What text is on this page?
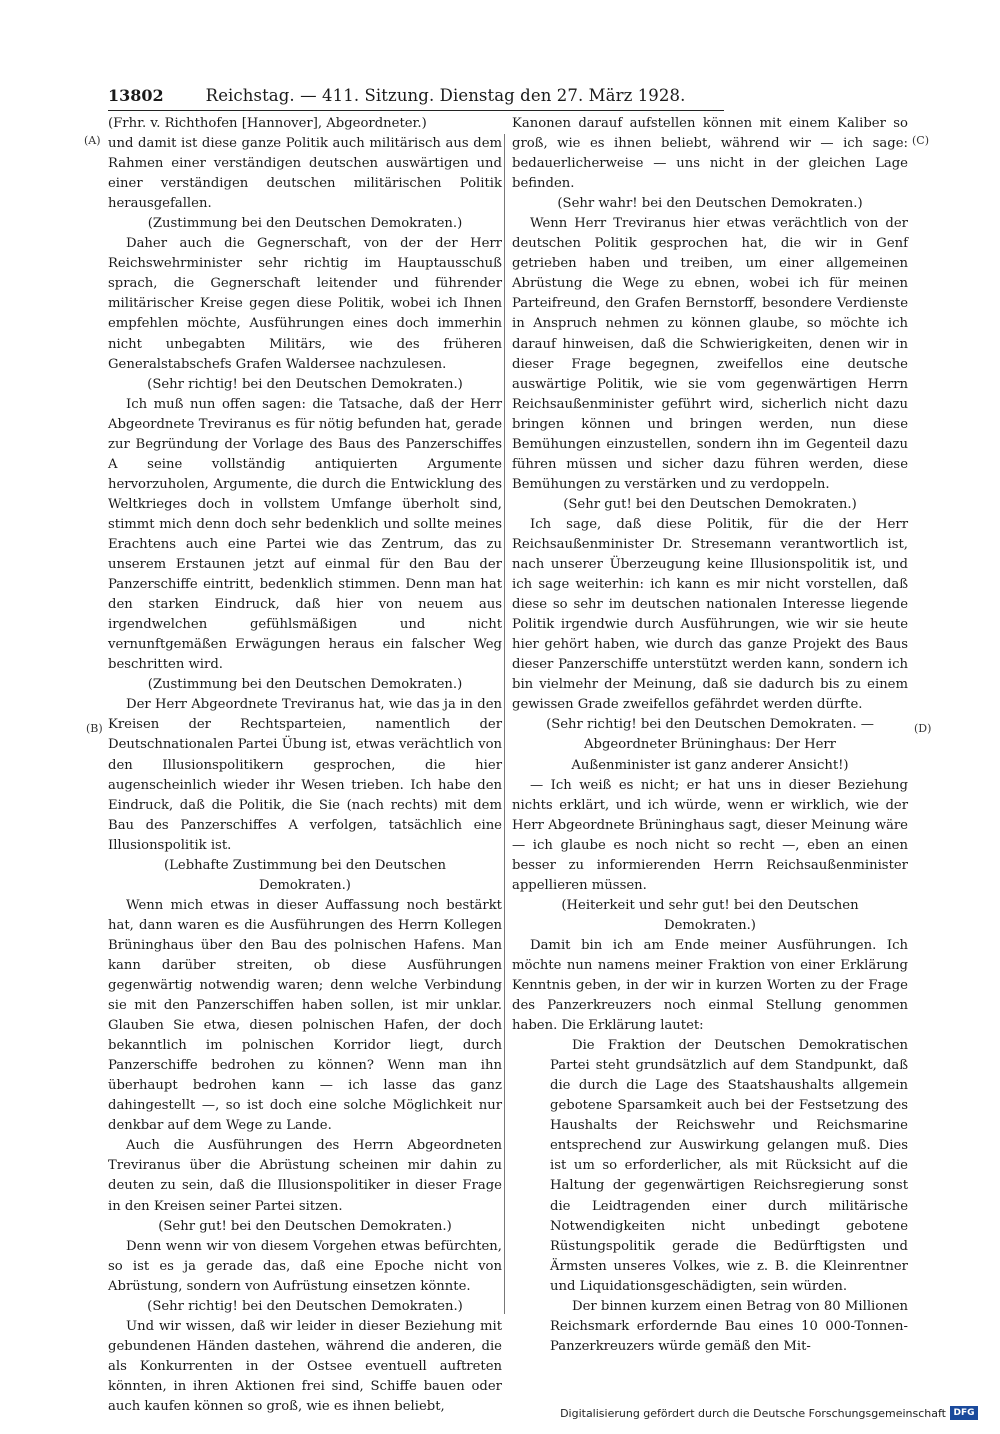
13802	Reichstag. — 411. Sitzung. Dienstag den 27. März 1928.
(A)
(B)
(C)
(D)

(Frhr. v. Richthofen [Hannover], Abgeordneter.)

und damit ist diese ganze Politik auch militärisch aus dem Rahmen einer verständigen deutschen auswärtigen und einer verständigen deutschen militärischen Politik herausgefallen.

(Zustimmung bei den Deutschen Demokraten.)

Daher auch die Gegnerschaft, von der der Herr Reichswehrminister sehr richtig im Hauptausschuß sprach, die Gegnerschaft leitender und führender militärischer Kreise gegen diese Politik, wobei ich Ihnen empfehlen möchte, Ausführungen eines doch immerhin nicht unbegabten Militärs, wie des früheren Generalstabschefs Grafen Waldersee nachzulesen.

(Sehr richtig! bei den Deutschen Demokraten.)

Ich muß nun offen sagen: die Tatsache, daß der Herr Abgeordnete Treviranus es für nötig befunden hat, gerade zur Begründung der Vorlage des Baus des Panzerschiffes A seine vollständig antiquierten Argumente hervorzuholen, Argumente, die durch die Entwicklung des Weltkrieges doch in vollstem Umfange überholt sind, stimmt mich denn doch sehr bedenklich und sollte meines Erachtens auch eine Partei wie das Zentrum, das zu unserem Erstaunen jetzt auf einmal für den Bau der Panzerschiffe eintritt, bedenklich stimmen. Denn man hat den starken Eindruck, daß hier von neuem aus irgendwelchen gefühlsmäßigen und nicht vernunftgemäßen Erwägungen heraus ein falscher Weg beschritten wird.

(Zustimmung bei den Deutschen Demokraten.)

Der Herr Abgeordnete Treviranus hat, wie das ja in den Kreisen der Rechtsparteien, namentlich der Deutschnationalen Partei Übung ist, etwas verächtlich von den Illusionspolitikern gesprochen, die hier augenscheinlich wieder ihr Wesen trieben. Ich habe den Eindruck, daß die Politik, die Sie (nach rechts) mit dem Bau des Panzerschiffes A verfolgen, tatsächlich eine Illusionspolitik ist.

(Lebhafte Zustimmung bei den Deutschen Demokraten.)

Wenn mich etwas in dieser Auffassung noch bestärkt hat, dann waren es die Ausführungen des Herrn Kollegen Brüninghaus über den Bau des polnischen Hafens. Man kann darüber streiten, ob diese Ausführungen gegenwärtig notwendig waren; denn welche Verbindung sie mit den Panzerschiffen haben sollen, ist mir unklar. Glauben Sie etwa, diesen polnischen Hafen, der doch bekanntlich im polnischen Korridor liegt, durch Panzerschiffe bedrohen zu können? Wenn man ihn überhaupt bedrohen kann — ich lasse das ganz dahingestellt —, so ist doch eine solche Möglichkeit nur denkbar auf dem Wege zu Lande.

Auch die Ausführungen des Herrn Abgeordneten Treviranus über die Abrüstung scheinen mir dahin zu deuten zu sein, daß die Illusionspolitiker in dieser Frage in den Kreisen seiner Partei sitzen.

(Sehr gut! bei den Deutschen Demokraten.)

Denn wenn wir von diesem Vorgehen etwas befürchten, so ist es ja gerade das, daß eine Epoche nicht von Abrüstung, sondern von Aufrüstung einsetzen könnte.

(Sehr richtig! bei den Deutschen Demokraten.)

Und wir wissen, daß wir leider in dieser Beziehung mit gebundenen Händen dastehen, während die anderen, die als Konkurrenten in der Ostsee eventuell auftreten könnten, in ihren Aktionen frei sind, Schiffe bauen oder auch kaufen können so groß, wie es ihnen beliebt,

Kanonen darauf aufstellen können mit einem Kaliber so groß, wie es ihnen beliebt, während wir — ich sage: bedauerlicherweise — uns nicht in der gleichen Lage befinden.

(Sehr wahr! bei den Deutschen Demokraten.)

Wenn Herr Treviranus hier etwas verächtlich von der deutschen Politik gesprochen hat, die wir in Genf getrieben haben und treiben, um einer allgemeinen Abrüstung die Wege zu ebnen, wobei ich für meinen Parteifreund, den Grafen Bernstorff, besondere Verdienste in Anspruch nehmen zu können glaube, so möchte ich darauf hinweisen, daß die Schwierigkeiten, denen wir in dieser Frage begegnen, zweifellos eine deutsche auswärtige Politik, wie sie vom gegenwärtigen Herrn Reichsaußenminister geführt wird, sicherlich nicht dazu bringen können und bringen werden, nun diese Bemühungen einzustellen, sondern ihn im Gegenteil dazu führen müssen und sicher dazu führen werden, diese Bemühungen zu verstärken und zu verdoppeln.

(Sehr gut! bei den Deutschen Demokraten.)

Ich sage, daß diese Politik, für die der Herr Reichsaußenminister Dr. Stresemann verantwortlich ist, nach unserer Überzeugung keine Illusionspolitik ist, und ich sage weiterhin: ich kann es mir nicht vorstellen, daß diese so sehr im deutschen nationalen Interesse liegende Politik irgendwie durch Ausführungen, wie wir sie heute hier gehört haben, wie durch das ganze Projekt des Baus dieser Panzerschiffe unterstützt werden kann, sondern ich bin vielmehr der Meinung, daß sie dadurch bis zu einem gewissen Grade zweifellos gefährdet werden dürfte.

(Sehr richtig! bei den Deutschen Demokraten. — Abgeordneter Brüninghaus: Der Herr Außenminister ist ganz anderer Ansicht!)

— Ich weiß es nicht; er hat uns in dieser Beziehung nichts erklärt, und ich würde, wenn er wirklich, wie der Herr Abgeordnete Brüninghaus sagt, dieser Meinung wäre — ich glaube es noch nicht so recht —, eben an einen besser zu informierenden Herrn Reichsaußenminister appellieren müssen.

(Heiterkeit und sehr gut! bei den Deutschen Demokraten.)

Damit bin ich am Ende meiner Ausführungen. Ich möchte nun namens meiner Fraktion von einer Erklärung Kenntnis geben, in der wir in kurzen Worten zu der Frage des Panzerkreuzers noch einmal Stellung genommen haben. Die Erklärung lautet:

Die Fraktion der Deutschen Demokratischen Partei steht grundsätzlich auf dem Standpunkt, daß die durch die Lage des Staatshaushalts allgemein gebotene Sparsamkeit auch bei der Festsetzung des Haushalts der Reichswehr und Reichsmarine entsprechend zur Auswirkung gelangen muß. Dies ist um so erforderlicher, als mit Rücksicht auf die Haltung der gegenwärtigen Reichsregierung sonst die Leidtragenden einer durch militärische Notwendigkeiten nicht unbedingt gebotene Rüstungspolitik gerade die Bedürftigsten und Ärmsten unseres Volkes, wie z. B. die Kleinrentner und Liquidationsgeschädigten, sein würden.

Der binnen kurzem einen Betrag von 80 Millionen Reichsmark erfordernde Bau eines 10 000-Tonnen-Panzerkreuzers würde gemäß den Mit-

Digitalisierung gefördert durch die Deutsche Forschungsgemeinschaft DFG
